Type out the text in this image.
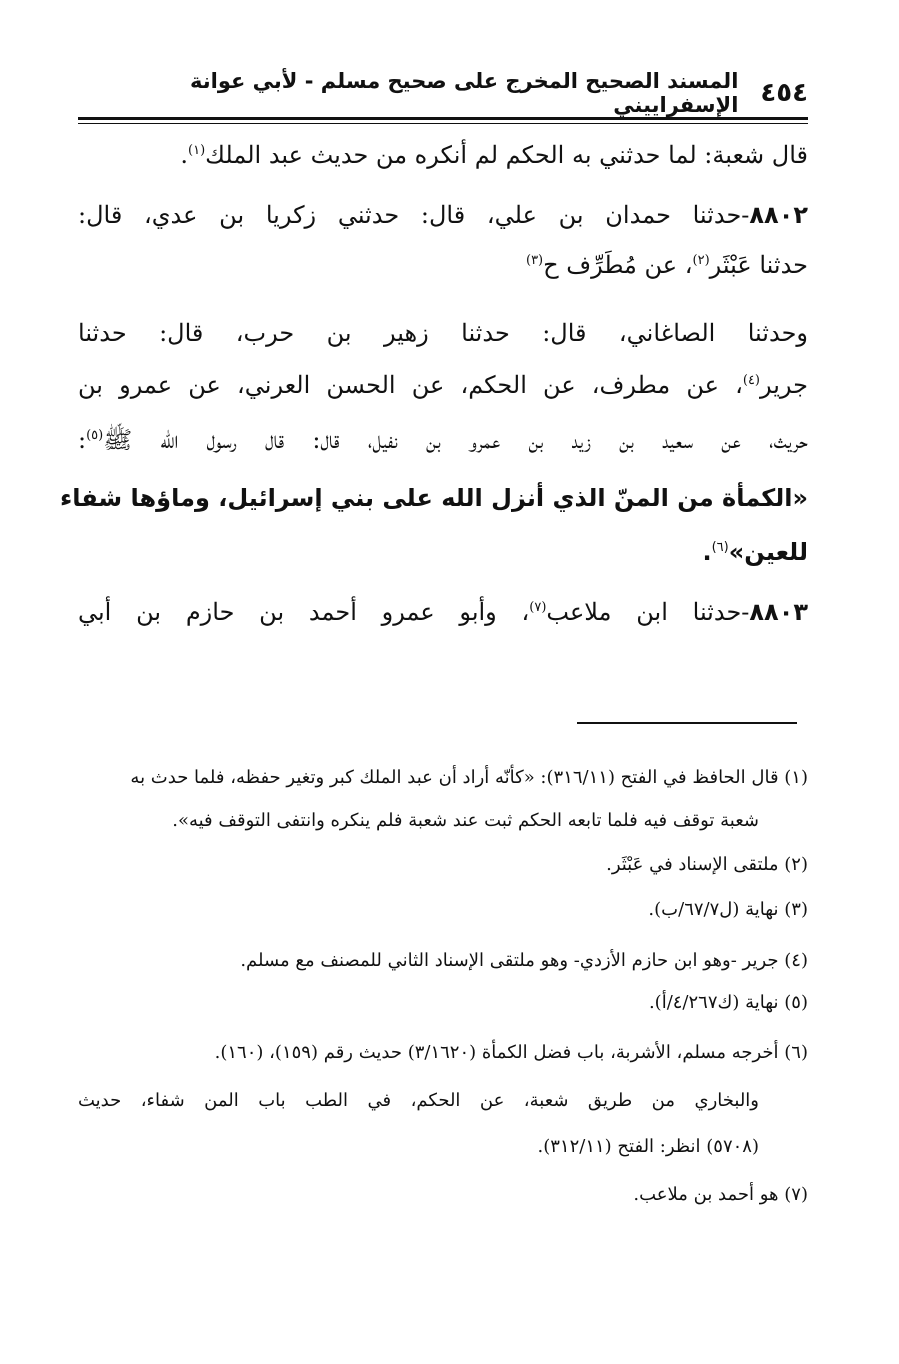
٤٥٤
المسند الصحيح المخرج على صحيح مسلم - لأبي عوانة الإسفراييني
قال شعبة: لما حدثني به الحكم لم أنكره من حديث عبد الملك$^{(١)}$.
٨٨٠٢-حدثنا حمدان بن علي، قال: حدثني زكريا بن عدي، قال:
حدثنا عَبْثَر$^{(٢)}$، عن مُطَرِّف ح$^{(٣)}$
وحدثنا الصاغاني، قال: حدثنا زهير بن حرب، قال: حدثنا
جرير$^{(٤)}$، عن مطرف، عن الحكم، عن الحسن العرني، عن عمرو بن
حريث، عن سعيد بن زيد بن عمرو بن نفيل، قال: قال رسول الله ﷺ$^{(٥)}$:
«الكمأة من المنّ الذي أنزل الله على بني إسرائيل، وماؤها شفاء
للعين»$^{(٦)}$.
٨٨٠٣-حدثنا ابن ملاعب$^{(٧)}$، وأبو عمرو أحمد بن حازم بن أبي
(١) قال الحافظ في الفتح (٣١٦/١١): «كأنّه أراد أن عبد الملك كبر وتغير حفظه، فلما حدث به
شعبة توقف فيه فلما تابعه الحكم ثبت عند شعبة فلم ينكره وانتفى التوقف فيه».
(٢) ملتقى الإسناد في عَبْثَر.
(٣) نهاية (ل٦٧/٧/ب).
(٤) جرير -وهو ابن حازم الأزدي- وهو ملتقى الإسناد الثاني للمصنف مع مسلم.
(٥) نهاية (ك٤/٢٦٧/أ).
(٦) أخرجه مسلم، الأشربة، باب فضل الكمأة (٣/١٦٢٠) حديث رقم (١٥٩)، (١٦٠).
والبخاري من طريق شعبة، عن الحكم، في الطب باب المن شفاء، حديث
(٥٧٠٨) انظر: الفتح (٣١٢/١١).
(٧) هو أحمد بن ملاعب.
